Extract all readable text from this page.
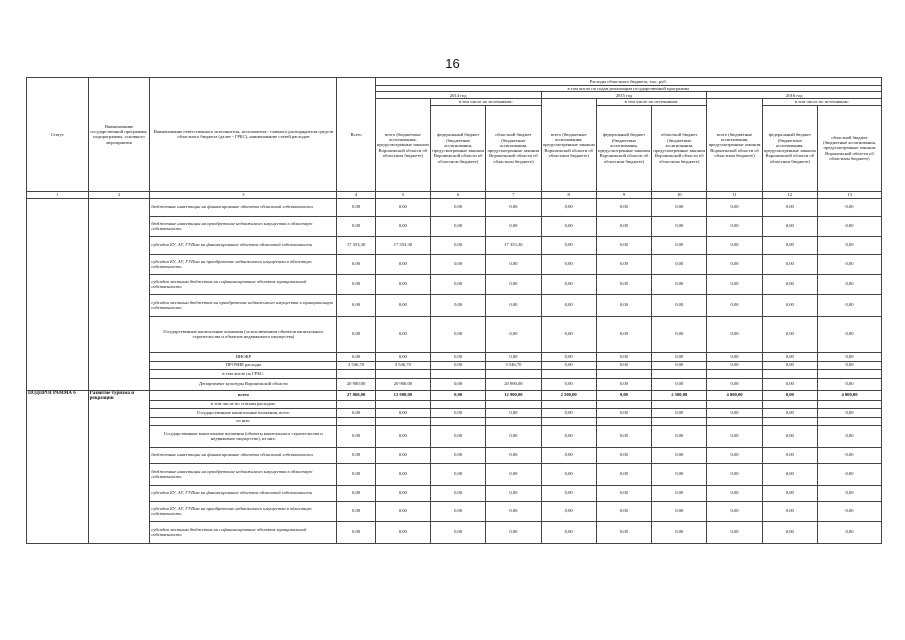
16
Статус	Наименование государственной программы, подпрограммы, основного мероприятия	Наименование ответственного исполнителя, исполнителя - главного распорядителя средств областного бюджета (далее - ГРБС), наименование статей расходов	Всего	Расходы областного бюджета, тыс. руб.								
				в том числе по годам реализации государственной программы								
				2014 год			2015 год			2016 год		
				всего (бюджетные ассигнования, предусмотренные законом Воронежской области об областном бюджете)	в том числе по источникам:		всего (бюджетные ассигнования, предусмотренные законом Воронежской области об областном бюджете)	в том числе по источникам:		всего (бюджетные ассигнования, предусмотренные законом Воронежской области об областном бюджете)	в том числе по источникам:	
					федеральный бюджет (бюджетные ассигнования, предусмотренные законом Воронежской области об областном бюджете)	областной бюджет (бюджетные ассигнования, предусмотренные законом Воронежской области об областном бюджете)		федеральный бюджет (бюджетные ассигнования, предусмотренные законом Воронежской области об областном бюджете)	областной бюджет (бюджетные ассигнования, предусмотренные законом Воронежской области об областном бюджете)		федеральный бюджет (бюджетные ассигнования, предусмотренные законом Воронежской области об областном бюджете)	областной бюджет (бюджетные ассигнования, предусмотренные законом Воронежской области об областном бюджете)
1	2	3	4	5	6	7	8	9	10	11	12	13
		бюджетные инвестиции на финансирование объектов областной собственности	0,00	0,00	0,00	0,00	0,00	0,00	0,00	0,00	0,00	0,00
		бюджетные инвестиции на приобретение недвижимого имущества в областную собственность	0,00	0,00	0,00	0,00	0,00	0,00	0,00	0,00	0,00	0,00
		субсидии БУ, АУ, ГУПам на финансирование объектов областной собственности	17 353,30	17 353,30	0,00	17 353,30	0,00	0,00	0,00	0,00	0,00	0,00
		субсидии БУ, АУ, ГУПам на приобретение недвижимого имущества в областную собственность	0,00	0,00	0,00	0,00	0,00	0,00	0,00	0,00	0,00	0,00
		субсидии местным бюджетам на софинансирование объектов муниципальной собственности	0,00	0,00	0,00	0,00	0,00	0,00	0,00	0,00	0,00	0,00
		субсидии местным бюджетам на приобретение недвижимого имущества в муниципальную собственность	0,00	0,00	0,00	0,00	0,00	0,00	0,00	0,00	0,00	0,00
		Государственные капитальные вложения (за исключением объектов капитального строительства и объектов недвижимого имущества)	0,00	0,00	0,00	0,00	0,00	0,00	0,00	0,00	0,00	0,00
		НИОКР	0,00	0,00	0,00	0,00	0,00	0,00	0,00	0,00	0,00	0,00
		ПРОЧИЕ расходы	3 546,70	3 546,70	0,00	3 546,70	0,00	0,00	0,00	0,00	0,00	0,00
		в том числе по ГРБС:										
		Департамент культуры Воронежской области	20 900,00	20 900,00	0,00	20 900,00	0,00	0,00	0,00	0,00	0,00	0,00
ПОДПРОГРАММА 6	Развитие туризма и рекреации	всего	27 860,00	12 900,00	0,00	12 900,00	2 500,00	0,00	2 500,00	4 000,00	0,00	4 000,00
		в том числе по статьям расходов:										
		Государственные капитальные вложения, всего	0,00	0,00	0,00	0,00	0,00	0,00	0,00	0,00	0,00	0,00
		из них:										
		Государственные капитальные вложения (объекты капитального строительства и недвижимое имущество), из них:	0,00	0,00	0,00	0,00	0,00	0,00	0,00	0,00	0,00	0,00
		бюджетные инвестиции на финансирование объектов областной собственности	0,00	0,00	0,00	0,00	0,00	0,00	0,00	0,00	0,00	0,00
		бюджетные инвестиции на приобретение недвижимого имущества в областную собственность	0,00	0,00	0,00	0,00	0,00	0,00	0,00	0,00	0,00	0,00
		субсидии БУ, АУ, ГУПам на финансирование объектов областной собственности	0,00	0,00	0,00	0,00	0,00	0,00	0,00	0,00	0,00	0,00
		субсидии БУ, АУ, ГУПам на приобретение недвижимого имущества в областную собственность	0,00	0,00	0,00	0,00	0,00	0,00	0,00	0,00	0,00	0,00
		субсидии местным бюджетам на софинансирование объектов муниципальной собственности	0,00	0,00	0,00	0,00	0,00	0,00	0,00	0,00	0,00	0,00
